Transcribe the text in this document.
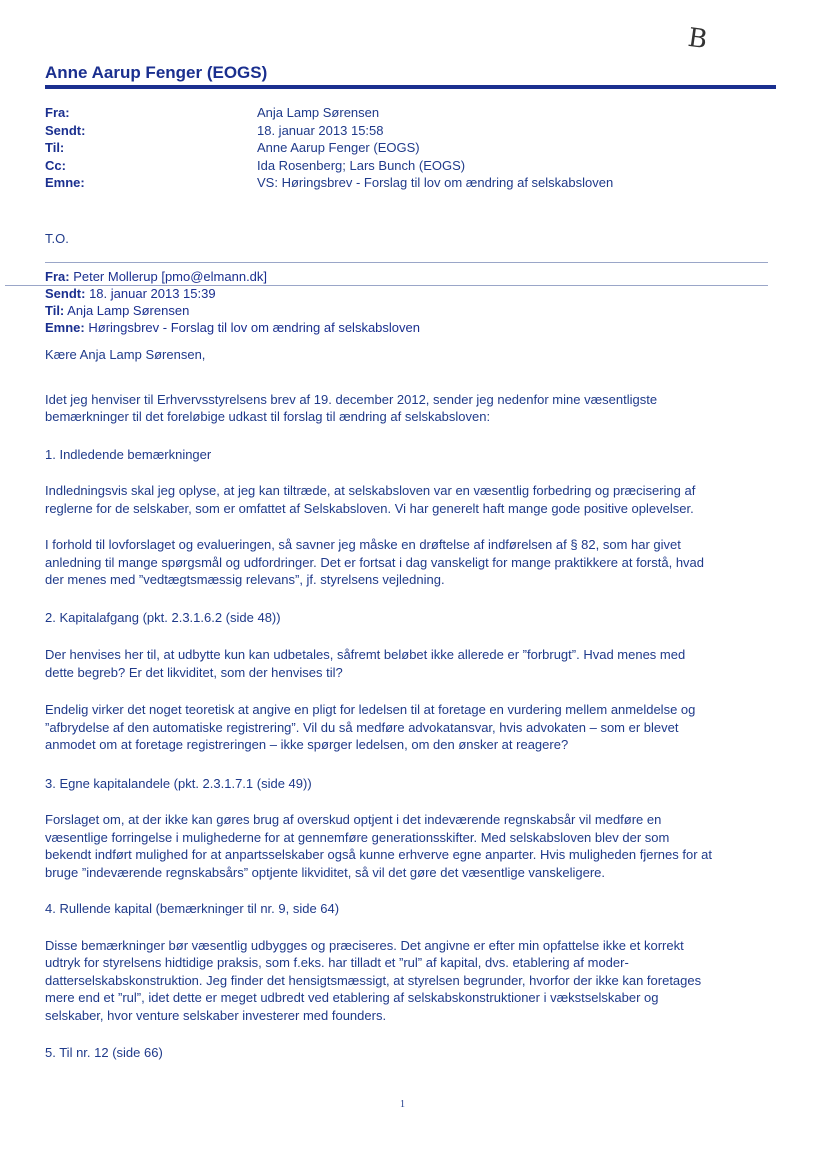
B
Anne Aarup Fenger (EOGS)
Fra:	Anja Lamp Sørensen
Sendt:	18. januar 2013 15:58
Til:	Anne Aarup Fenger (EOGS)
Cc:	Ida Rosenberg; Lars Bunch (EOGS)
Emne:	VS: Høringsbrev - Forslag til lov om ændring af selskabsloven
T.O.
Fra: Peter Mollerup [pmo@elmann.dk]
Sendt: 18. januar 2013 15:39
Til: Anja Lamp Sørensen
Emne: Høringsbrev - Forslag til lov om ændring af selskabsloven

Kære Anja Lamp Sørensen,

Idet jeg henviser til Erhvervsstyrelsens brev af 19. december 2012, sender jeg nedenfor mine væsentligste
bemærkninger til det foreløbige udkast til forslag til ændring af selskabsloven:

1. Indledende bemærkninger

Indledningsvis skal jeg oplyse, at jeg kan tiltræde, at selskabsloven var en væsentlig forbedring og præcisering af
reglerne for de selskaber, som er omfattet af Selskabsloven. Vi har generelt haft mange gode positive oplevelser.

I forhold til lovforslaget og evalueringen, så savner jeg måske en drøftelse af indførelsen af § 82, som har givet
anledning til mange spørgsmål og udfordringer. Det er fortsat i dag vanskeligt for mange praktikkere at forstå, hvad
der menes med ”vedtægtsmæssig relevans”, jf. styrelsens vejledning.

2. Kapitalafgang (pkt. 2.3.1.6.2 (side 48))

Der henvises her til, at udbytte kun kan udbetales, såfremt beløbet ikke allerede er ”forbrugt”. Hvad menes med
dette begreb? Er det likviditet, som der henvises til?

Endelig virker det noget teoretisk at angive en pligt for ledelsen til at foretage en vurdering mellem anmeldelse og
”afbrydelse af den automatiske registrering”. Vil du så medføre advokatansvar, hvis advokaten – som er blevet
anmodet om at foretage registreringen – ikke spørger ledelsen, om den ønsker at reagere?

3. Egne kapitalandele (pkt. 2.3.1.7.1 (side 49))

Forslaget om, at der ikke kan gøres brug af overskud optjent i det indeværende regnskabsår vil medføre en
væsentlige forringelse i mulighederne for at gennemføre generationsskifter. Med selskabsloven blev der som
bekendt indført mulighed for at anpartsselskaber også kunne erhverve egne anparter. Hvis muligheden fjernes for at
bruge ”indeværende regnskabsårs” optjente likviditet, så vil det gøre det væsentlige vanskeligere.

4. Rullende kapital (bemærkninger til nr. 9, side 64)

Disse bemærkninger bør væsentlig udbygges og præciseres. Det angivne er efter min opfattelse ikke et korrekt
udtryk for styrelsens hidtidige praksis, som f.eks. har tilladt et ”rul” af kapital, dvs. etablering af moder-
datterselskabskonstruktion. Jeg finder det hensigtsmæssigt, at styrelsen begrunder, hvorfor der ikke kan foretages
mere end et ”rul”, idet dette er meget udbredt ved etablering af selskabskonstruktioner i vækstselskaber og
selskaber, hvor venture selskaber investerer med founders.

5. Til nr. 12 (side 66)

1
